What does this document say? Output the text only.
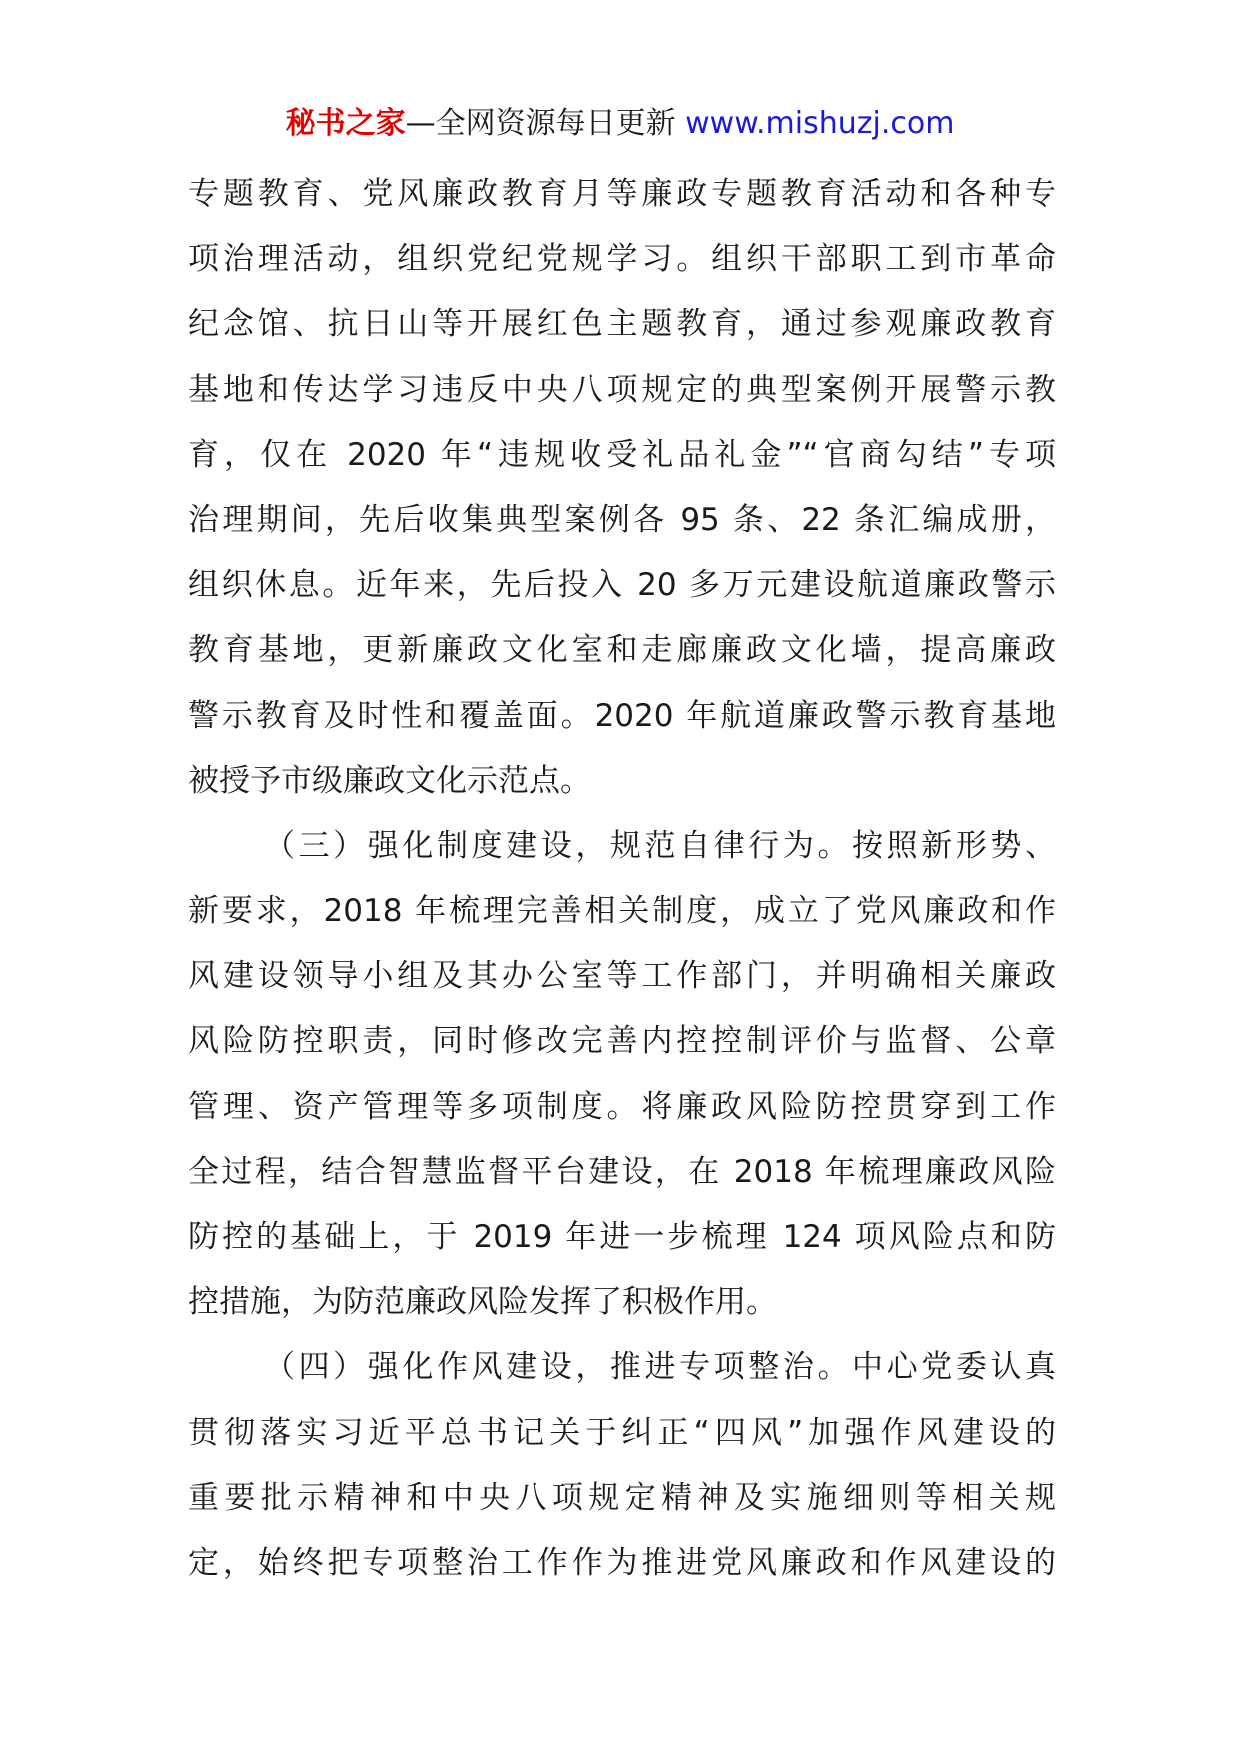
秘书之家—全网资源每日更新 www.mishuzj.com
专题教育、党风廉政教育月等廉政专题教育活动和各种专
项治理活动，组织党纪党规学习。组织干部职工到市革命
纪念馆、抗日山等开展红色主题教育，通过参观廉政教育
基地和传达学习违反中央八项规定的典型案例开展警示教
育，仅在 2020 年“违规收受礼品礼金”“官商勾结”专项
治理期间，先后收集典型案例各 95 条、22 条汇编成册，
组织休息。近年来，先后投入 20 多万元建设航道廉政警示
教育基地，更新廉政文化室和走廊廉政文化墙，提高廉政
警示教育及时性和覆盖面。2020 年航道廉政警示教育基地
被授予市级廉政文化示范点。
（三）强化制度建设，规范自律行为。按照新形势、
新要求，2018 年梳理完善相关制度，成立了党风廉政和作
风建设领导小组及其办公室等工作部门，并明确相关廉政
风险防控职责，同时修改完善内控控制评价与监督、公章
管理、资产管理等多项制度。将廉政风险防控贯穿到工作
全过程，结合智慧监督平台建设，在 2018 年梳理廉政风险
防控的基础上，于 2019 年进一步梳理 124 项风险点和防
控措施，为防范廉政风险发挥了积极作用。
（四）强化作风建设，推进专项整治。中心党委认真
贯彻落实习近平总书记关于纠正“四风”加强作风建设的
重要批示精神和中央八项规定精神及实施细则等相关规
定，始终把专项整治工作作为推进党风廉政和作风建设的
